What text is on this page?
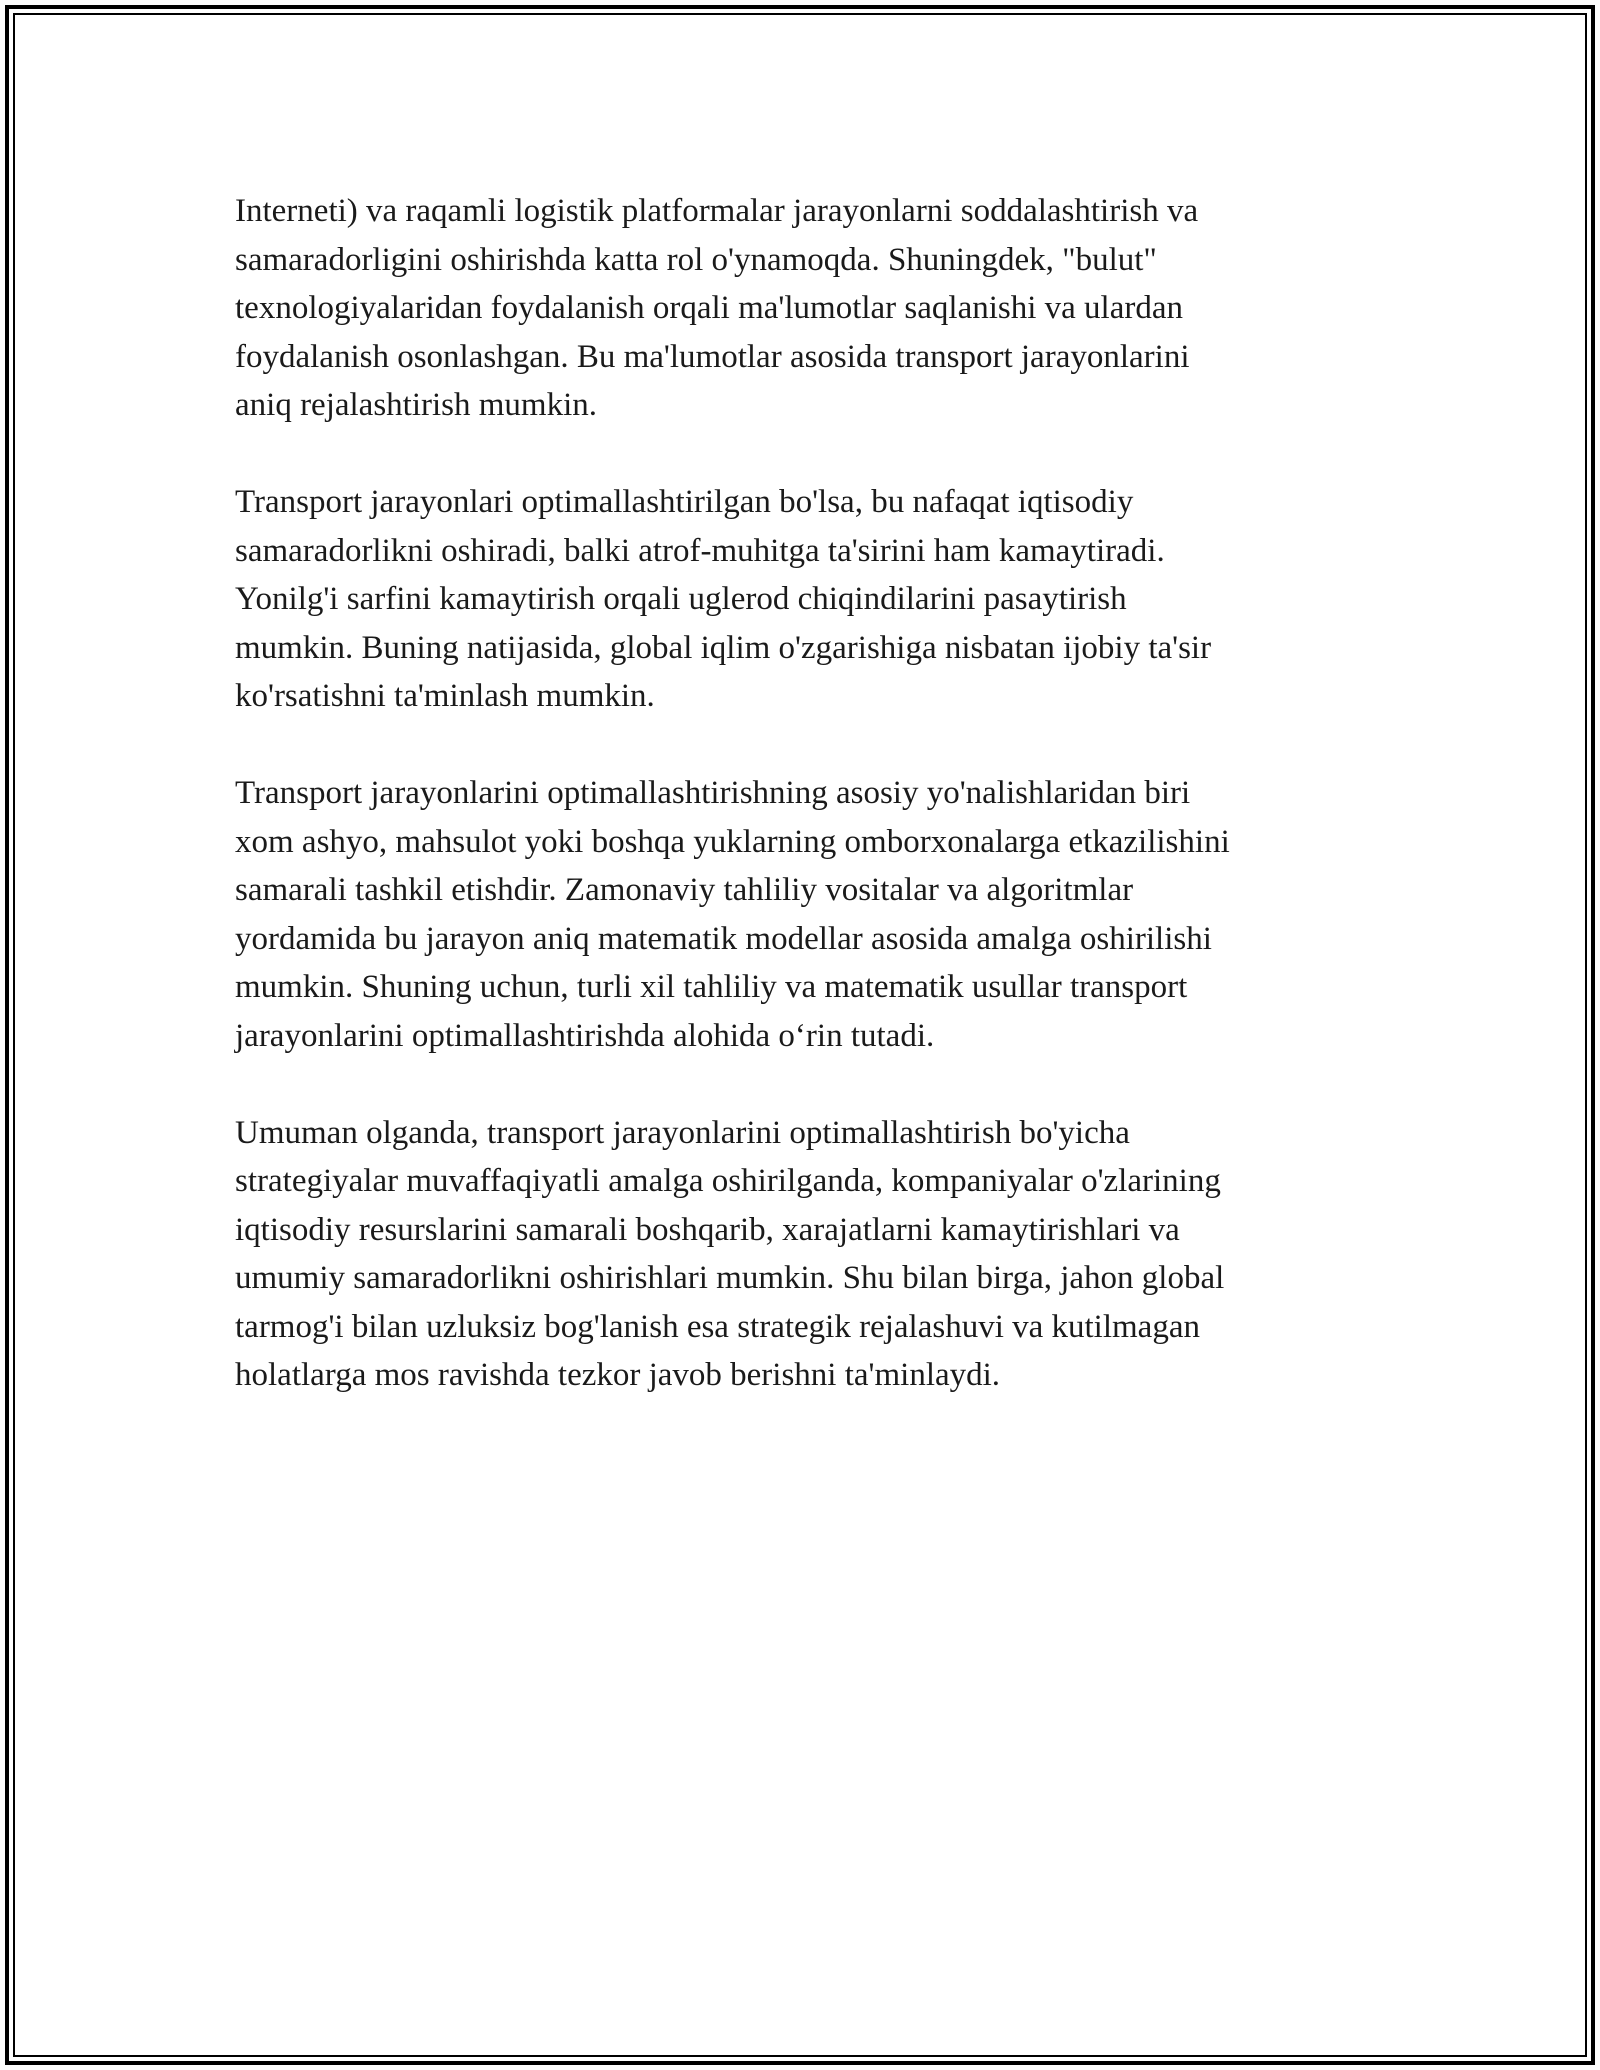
Interneti) va raqamli logistik platformalar jarayonlarni soddalashtirish va
samaradorligini oshirishda katta rol o'ynamoqda. Shuningdek, "bulut"
texnologiyalaridan foydalanish orqali ma'lumotlar saqlanishi va ulardan
foydalanish osonlashgan. Bu ma'lumotlar asosida transport jarayonlarini
aniq rejalashtirish mumkin.

Transport jarayonlari optimallashtirilgan bo'lsa, bu nafaqat iqtisodiy
samaradorlikni oshiradi, balki atrof-muhitga ta'sirini ham kamaytiradi.
Yonilg'i sarfini kamaytirish orqali uglerod chiqindilarini pasaytirish
mumkin. Buning natijasida, global iqlim o'zgarishiga nisbatan ijobiy ta'sir
ko'rsatishni ta'minlash mumkin.

Transport jarayonlarini optimallashtirishning asosiy yo'nalishlaridan biri
xom ashyo, mahsulot yoki boshqa yuklarning omborxonalarga etkazilishini
samarali tashkil etishdir. Zamonaviy tahliliy vositalar va algoritmlar
yordamida bu jarayon aniq matematik modellar asosida amalga oshirilishi
mumkin. Shuning uchun, turli xil tahliliy va matematik usullar transport
jarayonlarini optimallashtirishda alohida o‘rin tutadi.

Umuman olganda, transport jarayonlarini optimallashtirish bo'yicha
strategiyalar muvaffaqiyatli amalga oshirilganda, kompaniyalar o'zlarining
iqtisodiy resurslarini samarali boshqarib, xarajatlarni kamaytirishlari va
umumiy samaradorlikni oshirishlari mumkin. Shu bilan birga, jahon global
tarmog'i bilan uzluksiz bog'lanish esa strategik rejalashuvi va kutilmagan
holatlarga mos ravishda tezkor javob berishni ta'minlaydi.
